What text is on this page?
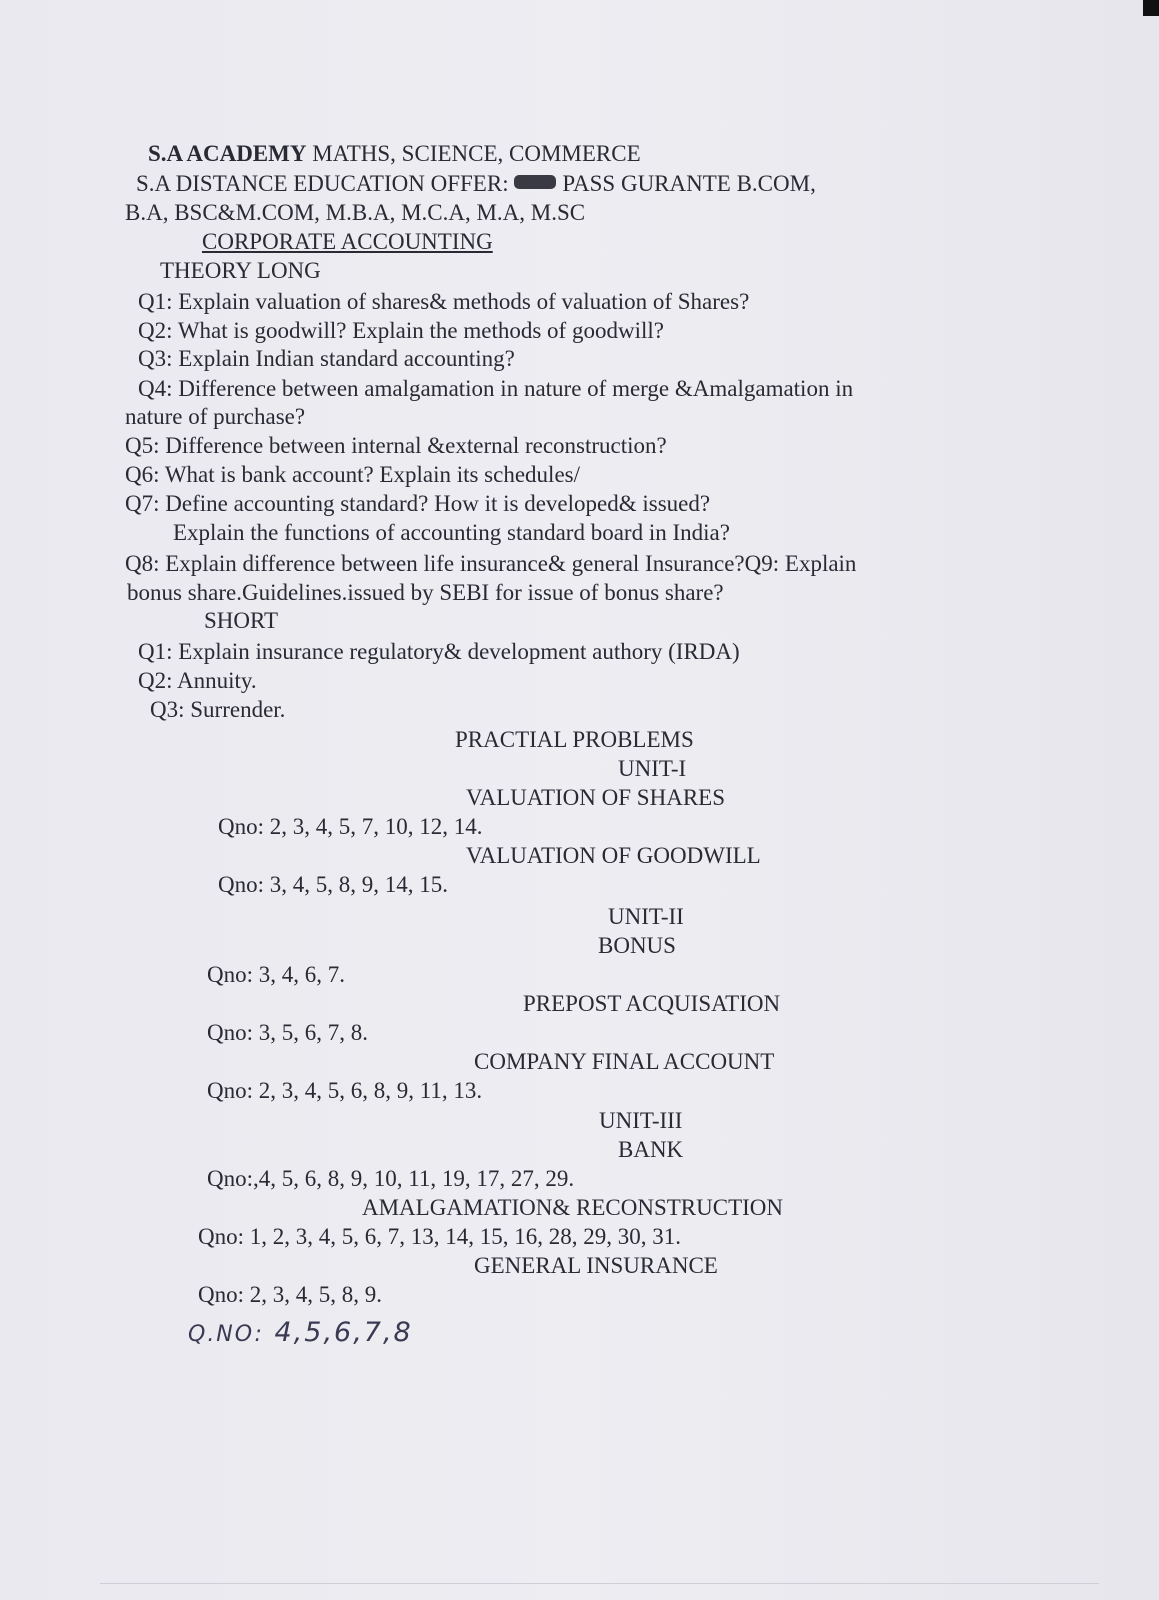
S.A ACADEMY MATHS, SCIENCE, COMMERCE
S.A DISTANCE EDUCATION OFFER: PASS GURANTE B.COM,
B.A, BSC&M.COM, M.B.A, M.C.A, M.A, M.SC
CORPORATE ACCOUNTING
THEORY LONG
Q1: Explain valuation of shares& methods of valuation of Shares?
Q2: What is goodwill? Explain the methods of goodwill?
Q3: Explain Indian standard accounting?
Q4: Difference between amalgamation in nature of merge &Amalgamation in
nature of purchase?
Q5: Difference between internal &external reconstruction?
Q6: What is bank account? Explain its schedules/
Q7: Define accounting standard? How it is developed& issued?
Explain the functions of accounting standard board in India?
Q8: Explain difference between life insurance& general Insurance?Q9: Explain
bonus share.Guidelines.issued by SEBI for issue of bonus share?
SHORT
Q1: Explain insurance regulatory& development authory (IRDA)
Q2: Annuity.
Q3: Surrender.
PRACTIAL PROBLEMS
UNIT-I
VALUATION OF SHARES
Qno: 2, 3, 4, 5, 7, 10, 12, 14.
VALUATION OF GOODWILL
Qno: 3, 4, 5, 8, 9, 14, 15.
UNIT-II
BONUS
Qno: 3, 4, 6, 7.
PREPOST ACQUISATION
Qno: 3, 5, 6, 7, 8.
COMPANY FINAL ACCOUNT
Qno: 2, 3, 4, 5, 6, 8, 9, 11, 13.
UNIT-III
BANK
Qno:,4, 5, 6, 8, 9, 10, 11, 19, 17, 27, 29.
AMALGAMATION& RECONSTRUCTION
Qno: 1, 2, 3, 4, 5, 6, 7, 13, 14, 15, 16, 28, 29, 30, 31.
GENERAL INSURANCE
Qno: 2, 3, 4, 5, 8, 9.
Q.NO: 4,5,6,7,8
